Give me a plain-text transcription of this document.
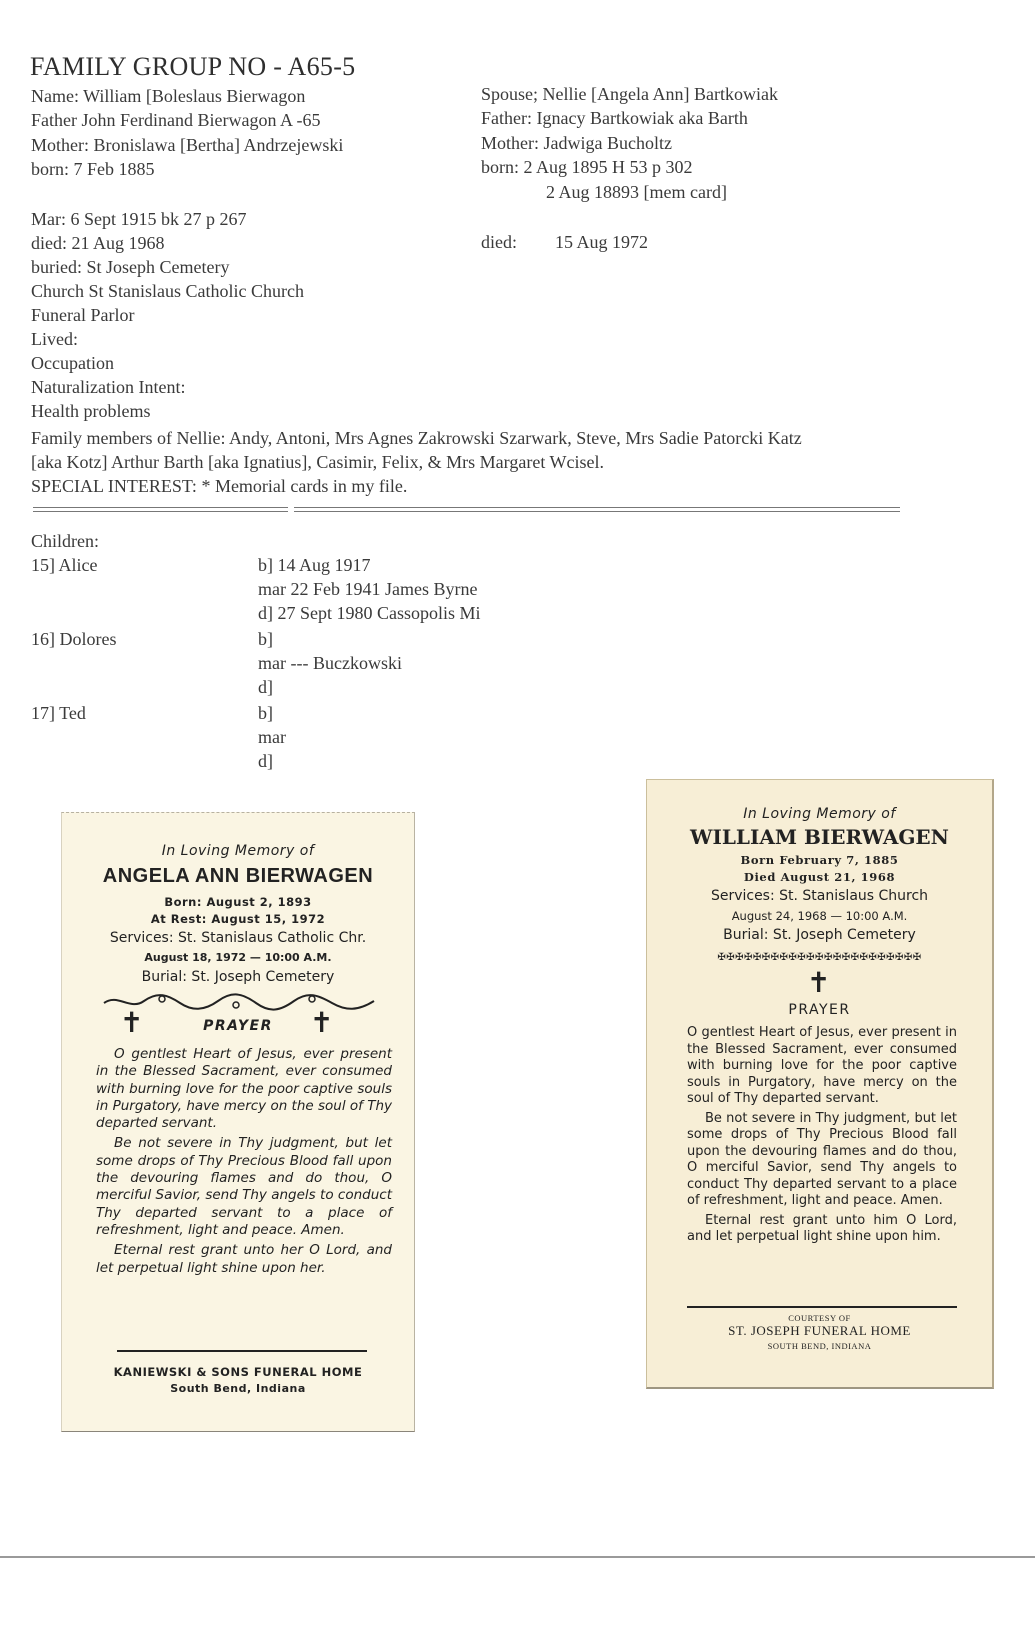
FAMILY GROUP NO - A65-5
Name: William [Boleslaus Bierwagon
Father John Ferdinand Bierwagon A -65
Mother: Bronislawa [Bertha] Andrzejewski
born: 7 Feb 1885
Mar: 6 Sept 1915 bk 27 p 267
died: 21 Aug 1968
buried: St Joseph Cemetery
Church St Stanislaus Catholic Church
Funeral Parlor
Lived:
Occupation
Naturalization Intent:
Health problems
Spouse; Nellie [Angela Ann] Bartkowiak
Father: Ignacy Bartkowiak aka Barth
Mother: Jadwiga Bucholtz
born: 2 Aug 1895 H 53 p 302
2 Aug 18893 [mem card]
died: 15 Aug 1972
Family members of Nellie: Andy, Antoni, Mrs Agnes Zakrowski Szarwark, Steve, Mrs Sadie Patorcki Katz
[aka Kotz] Arthur Barth [aka Ignatius], Casimir, Felix, & Mrs Margaret Wcisel.
SPECIAL INTEREST: * Memorial cards in my file.
Children:
15] Alice	b] 14 Aug 1917
mar 22 Feb 1941 James Byrne
d] 27 Sept 1980 Cassopolis Mi
16] Dolores	b]
mar --- Buczkowski
d]
17] Ted	b]
mar
d]
In Loving Memory of
ANGELA ANN BIERWAGEN
Born: August 2, 1893
At Rest: August 15, 1972
Services: St. Stanislaus Catholic Chr.
August 18, 1972 — 10:00 A.M.
Burial: St. Joseph Cemetery
✝	PRAYER	✝

O gentlest Heart of Jesus, ever present in the Blessed Sacrament, ever consumed with burning love for the poor captive souls in Purgatory, have mercy on the soul of Thy departed servant.

Be not severe in Thy judgment, but let some drops of Thy Precious Blood fall upon the devouring flames and do thou, O merciful Savior, send Thy angels to conduct Thy departed servant to a place of refreshment, light and peace. Amen.

Eternal rest grant unto her O Lord, and let perpetual light shine upon her.

KANIEWSKI & SONS FUNERAL HOME
South Bend, Indiana
In Loving Memory of
WILLIAM BIERWAGEN
Born February 7, 1885
Died August 21, 1968
Services: St. Stanislaus Church
August 24, 1968 — 10:00 A.M.
Burial: St. Joseph Cemetery
✠✠✠✠✠✠✠✠✠✠✠✠✠✠✠✠✠✠✠✠✠✠✠
✝
PRAYER

O gentlest Heart of Jesus, ever present in the Blessed Sacrament, ever consumed with burning love for the poor captive souls in Purgatory, have mercy on the soul of Thy departed servant.

Be not severe in Thy judgment, but let some drops of Thy Precious Blood fall upon the devouring flames and do thou, O merciful Savior, send Thy angels to conduct Thy departed servant to a place of refreshment, light and peace. Amen.

Eternal rest grant unto him O Lord, and let perpetual light shine upon him.

COURTESY OF
ST. JOSEPH FUNERAL HOME
SOUTH BEND, INDIANA
